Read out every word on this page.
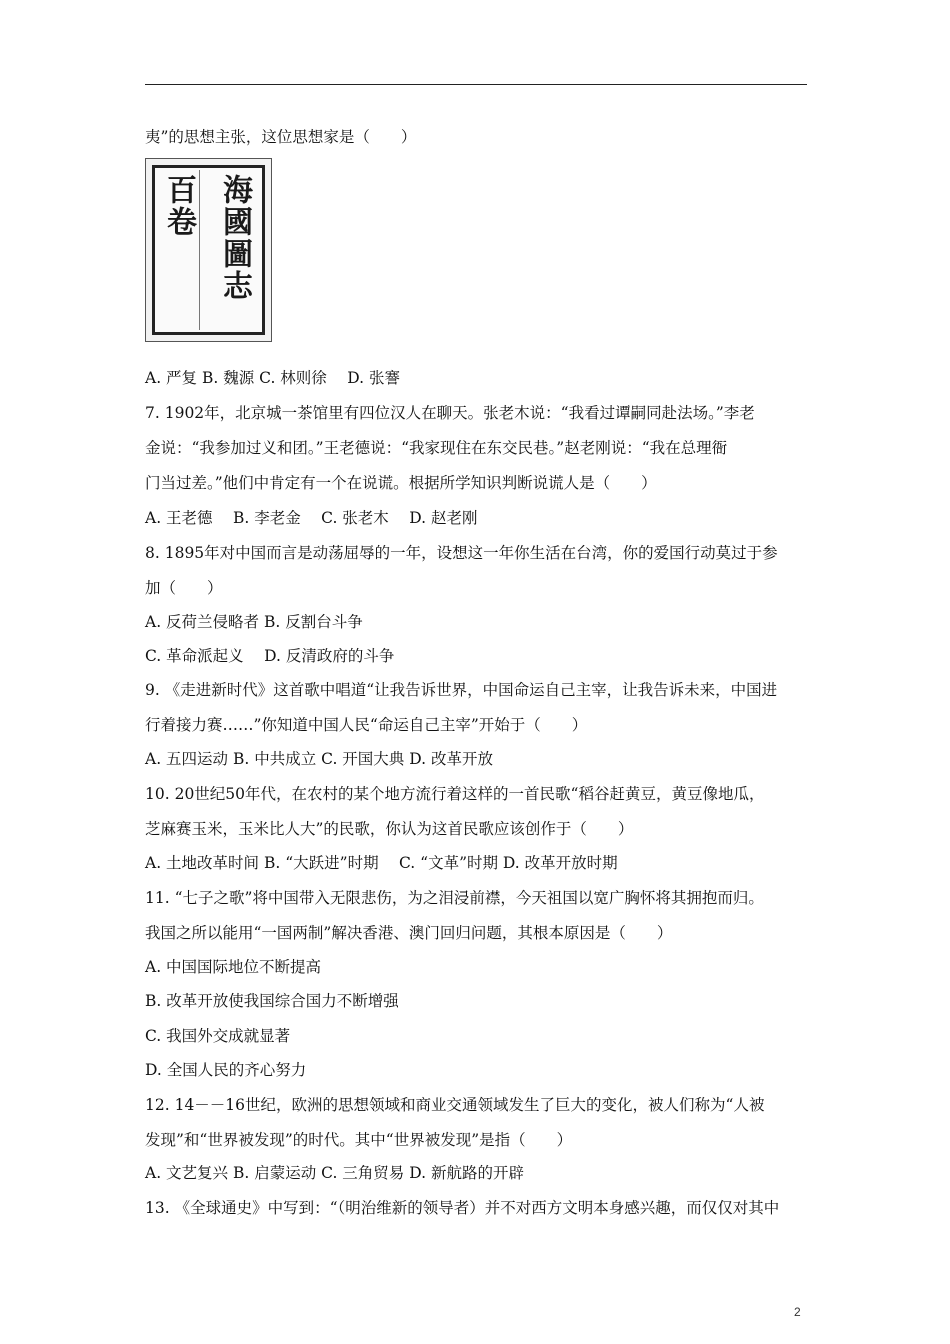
夷”的思想主张，这位思想家是（　　）
海國圖志
百卷
A. 严复 B. 魏源 C. 林则徐　 D. 张謇
7. 1902年，北京城一茶馆里有四位汉人在聊天。张老木说：“我看过谭嗣同赴法场。”李老
金说：“我参加过义和团。”王老德说：“我家现住在东交民巷。”赵老刚说：“我在总理衙
门当过差。”他们中肯定有一个在说谎。根据所学知识判断说谎人是（　　）
A. 王老德　 B. 李老金　 C. 张老木　 D. 赵老刚
8. 1895年对中国而言是动荡屈辱的一年，设想这一年你生活在台湾，你的爱国行动莫过于参
加（　　）
A. 反荷兰侵略者 B. 反割台斗争
C. 革命派起义　 D. 反清政府的斗争
9. 《走进新时代》这首歌中唱道“让我告诉世界，中国命运自己主宰，让我告诉未来，中国进
行着接力赛……”你知道中国人民“命运自己主宰”开始于（　　）
A. 五四运动 B. 中共成立 C. 开国大典 D. 改革开放
10. 20世纪50年代，在农村的某个地方流行着这样的一首民歌“稻谷赶黄豆，黄豆像地瓜，
芝麻赛玉米，玉米比人大”的民歌，你认为这首民歌应该创作于（　　）
A. 土地改革时间 B. “大跃进”时期　 C. “文革”时期 D. 改革开放时期
11. “七子之歌”将中国带入无限悲伤，为之泪浸前襟，今天祖国以宽广胸怀将其拥抱而归。
我国之所以能用“一国两制”解决香港、澳门回归问题，其根本原因是（　　）
A. 中国国际地位不断提高
B. 改革开放使我国综合国力不断增强
C. 我国外交成就显著
D. 全国人民的齐心努力
12. 14－－16世纪，欧洲的思想领域和商业交通领域发生了巨大的变化，被人们称为“人被
发现”和“世界被发现”的时代。其中“世界被发现”是指（　　）
A. 文艺复兴 B. 启蒙运动 C. 三角贸易 D. 新航路的开辟
13. 《全球通史》中写到：“（明治维新的领导者）并不对西方文明本身感兴趣，而仅仅对其中
2
